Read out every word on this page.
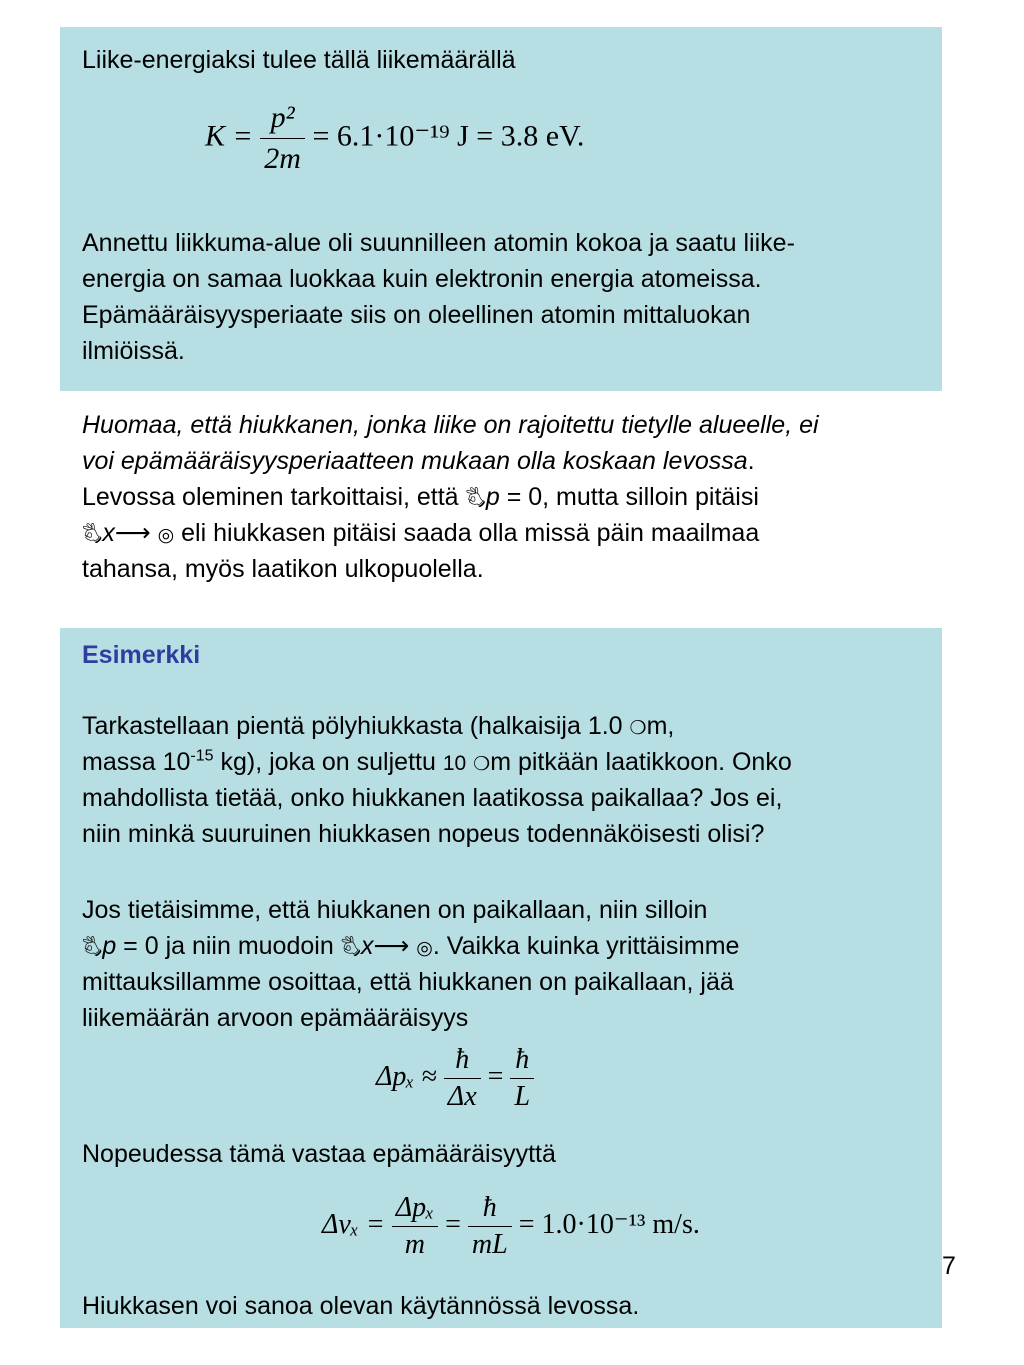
Liike-energiaksi tulee tällä liikemäärällä

$K = \frac{\text{p²}}{2m} = 6.1\cdot 10^{-19}$ J = 3.8 eV.
Annettu liikkuma-alue oli suunnilleen atomin kokoa ja saatu liike-
energia on samaa luokkaa kuin elektronin energia atomeissa.
Epämääräisyysperiaate siis on oleellinen atomin mittaluokan
ilmiöissä.
Huomaa, että hiukkanen, jonka liike on rajoitettu tietylle alueelle, ei
voi epämääräisyysperiaatteen mukaan olla koskaan levossa.
Levossa oleminen tarkoittaisi, että 🖏p = 0, mutta silloin pitäisi
🖏x⟶ ◎ eli hiukkasen pitäisi saada olla missä päin maailmaa
tahansa, myös laatikon ulkopuolella.

Esimerkki

Tarkastellaan pientä pölyhiukkasta (halkaisija 1.0 ❍m,
massa $10^{-15}$ kg), joka on suljettu 10 ❍m pitkään laatikkoon. Onko
mahdollista tietää, onko hiukkanen laatikossa paikallaa? Jos ei,
niin minkä suuruinen hiukkasen nopeus todennäköisesti olisi?
Jos tietäisimme, että hiukkanen on paikallaan, niin silloin
🖏p = 0 ja niin muodoin 🖏x⟶ ◎. Vaikka kuinka yrittäisimme
mittauksillamme osoittaa, että hiukkanen on paikallaan, jää
liikemäärän arvoon epämääräisyys
$\Delta p_x \approx \frac{ħ}{\Delta x} = \frac{ħ}{L}$

Nopeudessa tämä vastaa epämääräisyyttä

$\Delta v_x = \frac{\text{Δpₓ}}{m} = \frac{ħ}{mL} = 1.0\cdot 10^{-13}$ m/s.

Hiukkasen voi sanoa olevan käytännössä levossa.

7
